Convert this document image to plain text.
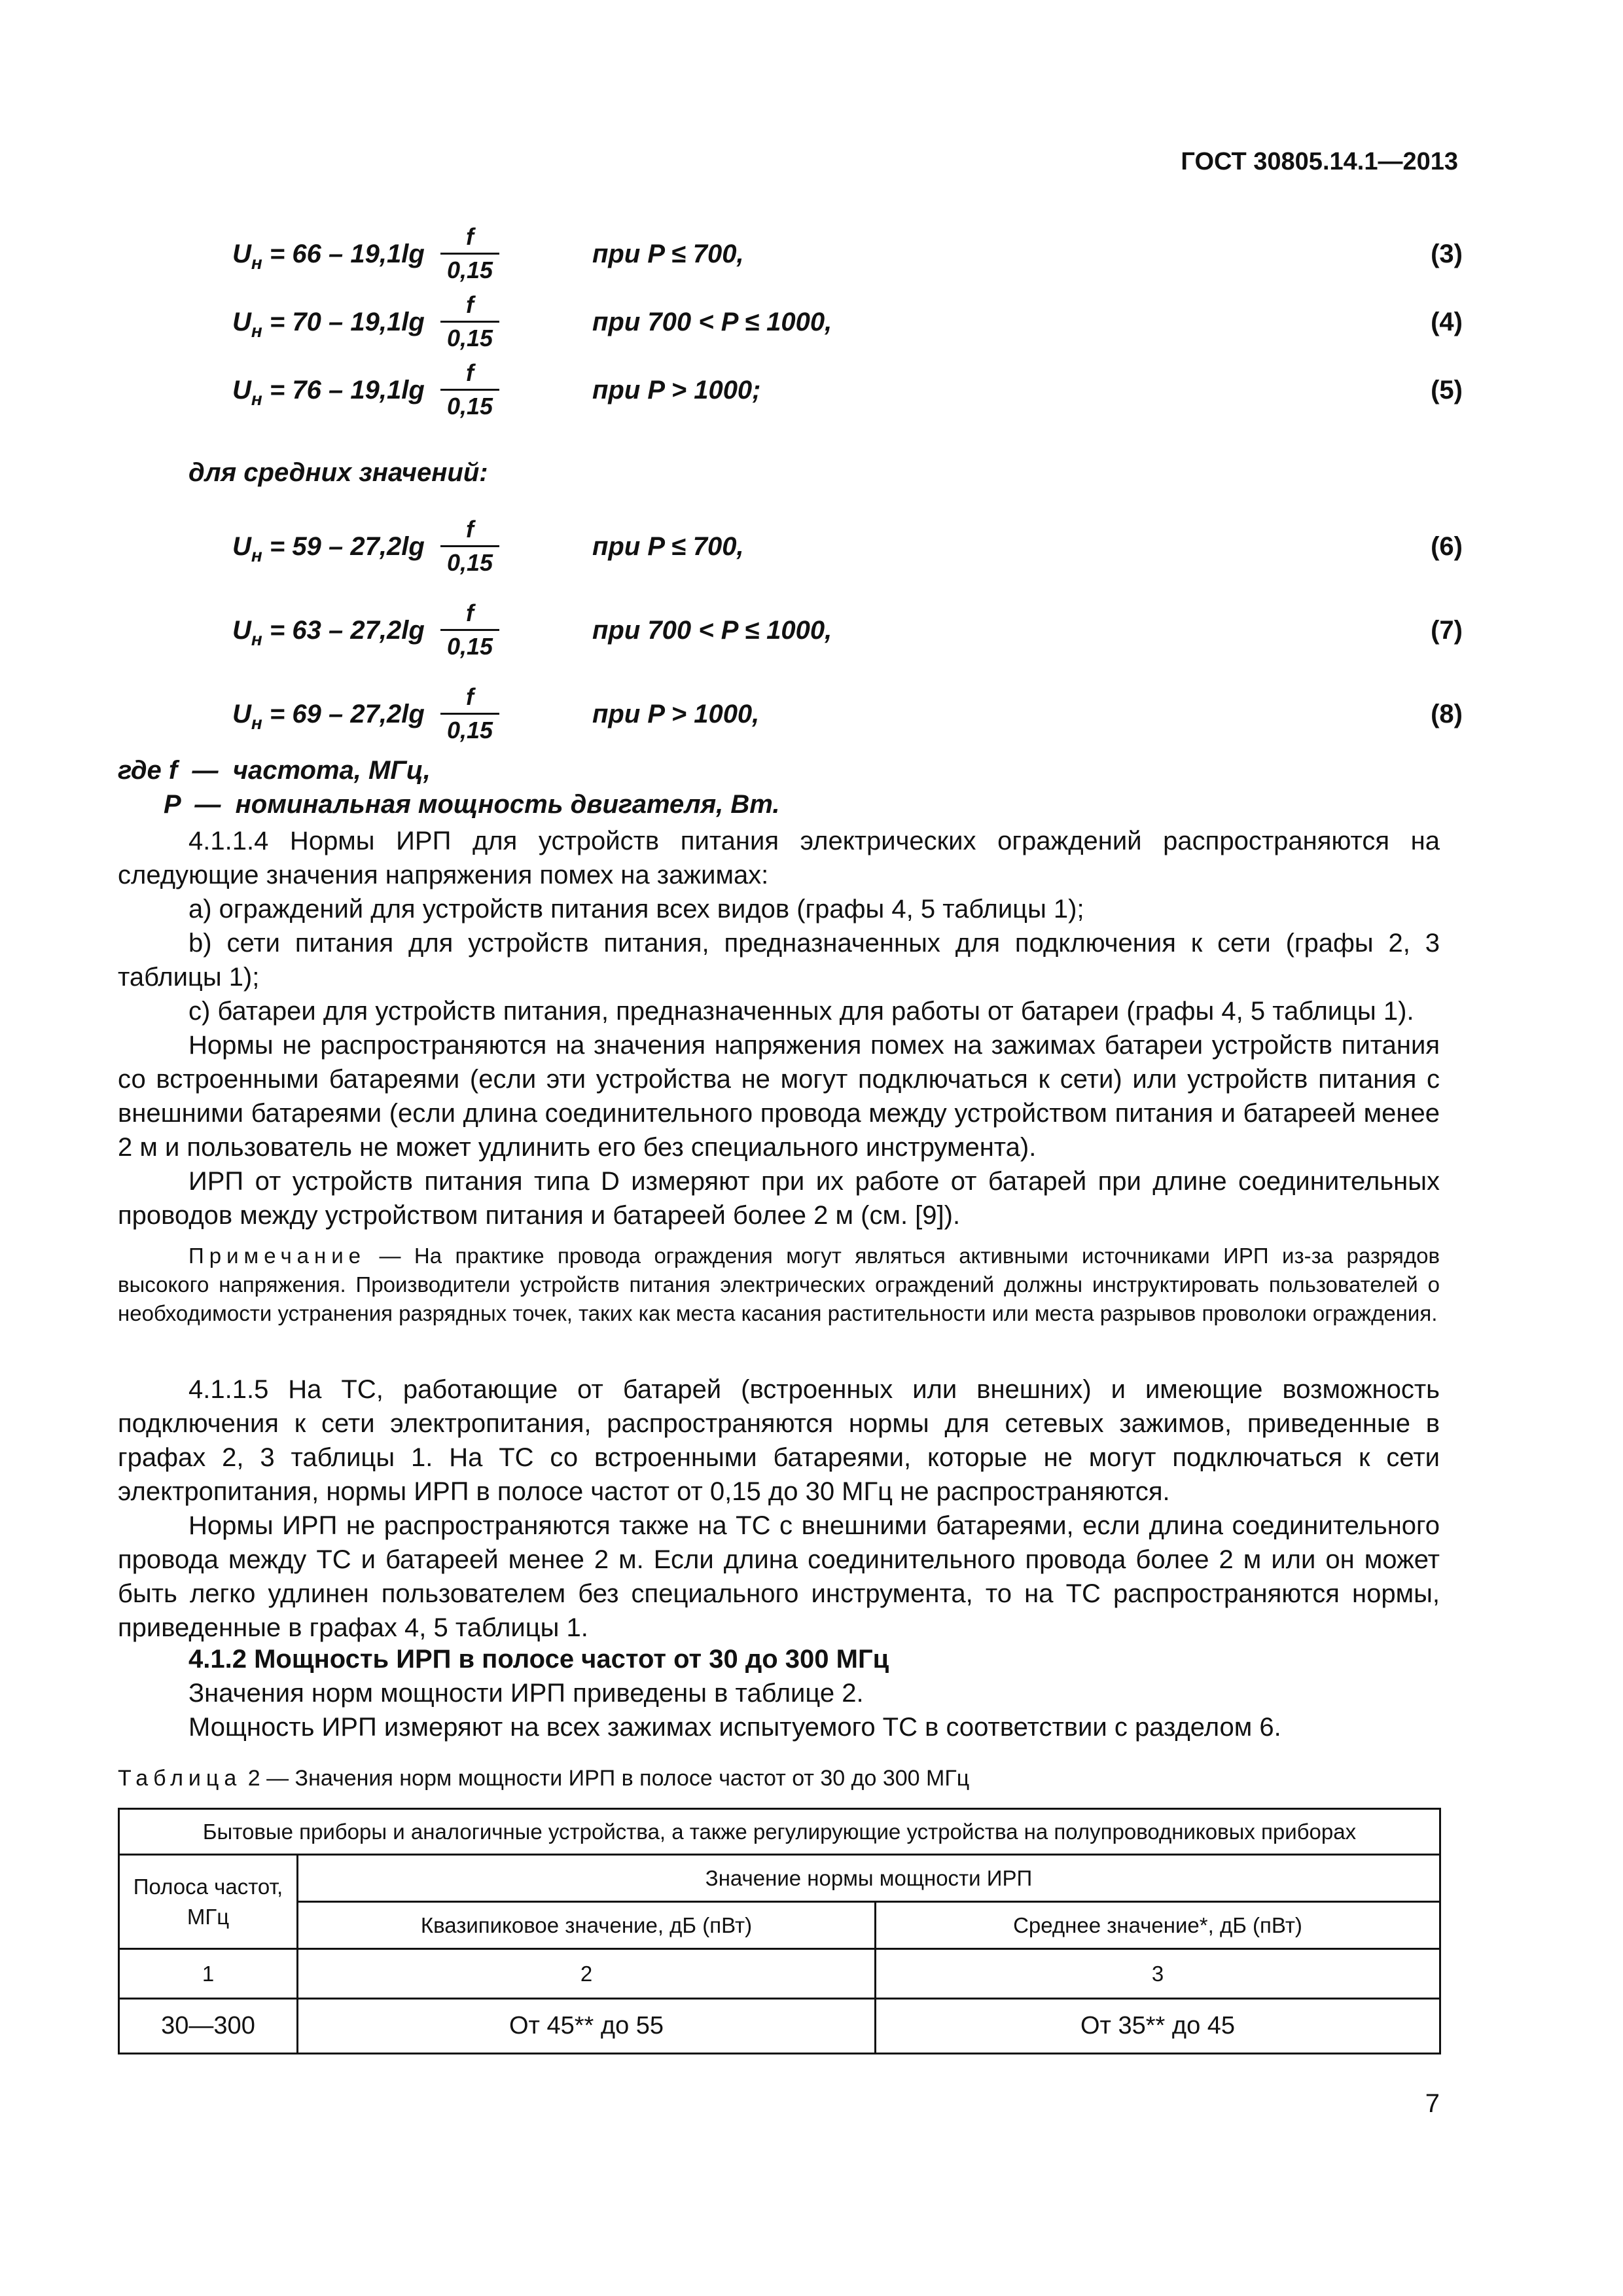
ГОСТ 30805.14.1—2013
$U_н = 66 - 19,1\lg \frac{f}{0,15}$	при P ≤ 700,	(3)
$U_н = 70 - 19,1\lg \frac{f}{0,15}$	при 700 < P ≤ 1000,	(4)
$U_н = 76 - 19,1\lg \frac{f}{0,15}$	при P > 1000;	(5)
для средних значений:
$U_н = 59 - 27,2\lg \frac{f}{0,15}$	при P ≤ 700,	(6)
$U_н = 63 - 27,2\lg \frac{f}{0,15}$	при 700 < P ≤ 1000,	(7)
$U_н = 69 - 27,2\lg \frac{f}{0,15}$	при P > 1000,	(8)
где f  —  частота, МГц,
P  —  номинальная мощность двигателя, Вт.
4.1.1.4 Нормы ИРП для устройств питания электрических ограждений распространяются на следующие значения напряжения помех на зажимах:
a) ограждений для устройств питания всех видов (графы 4, 5 таблицы 1);
b) сети питания для устройств питания, предназначенных для подключения к сети (графы 2, 3 таблицы 1);
c) батареи для устройств питания, предназначенных для работы от батареи (графы 4, 5 таблицы 1).
Нормы не распространяются на значения напряжения помех на зажимах батареи устройств питания со встроенными батареями (если эти устройства не могут подключаться к сети) или устройств питания с внешними батареями (если длина соединительного провода между устройством питания и батареей менее 2 м и пользователь не может удлинить его без специального инструмента).
ИРП от устройств питания типа D измеряют при их работе от батарей при длине соединительных проводов между устройством питания и батареей более 2 м (см. [9]).
Примечание — На практике провода ограждения могут являться активными источниками ИРП из-за разрядов высокого напряжения. Производители устройств питания электрических ограждений должны инструктировать пользователей о необходимости устранения разрядных точек, таких как места касания растительности или места разрывов проволоки ограждения.
4.1.1.5 На ТС, работающие от батарей (встроенных или внешних) и имеющие возможность подключения к сети электропитания, распространяются нормы для сетевых зажимов, приведенные в графах 2, 3 таблицы 1. На ТС со встроенными батареями, которые не могут подключаться к сети электропитания, нормы ИРП в полосе частот от 0,15 до 30 МГц не распространяются.
Нормы ИРП не распространяются также на ТС с внешними батареями, если длина соединительного провода между ТС и батареей менее 2 м. Если длина соединительного провода более 2 м или он может быть легко удлинен пользователем без специального инструмента, то на ТС распространяются нормы, приведенные в графах 4, 5 таблицы 1.
4.1.2 Мощность ИРП в полосе частот от 30 до 300 МГц
Значения норм мощности ИРП приведены в таблице 2.
Мощность ИРП измеряют на всех зажимах испытуемого ТС в соответствии с разделом 6.
Таблица 2 — Значения норм мощности ИРП в полосе частот от 30 до 300 МГц
Бытовые приборы и аналогичные устройства, а также регулирующие устройства на полупроводниковых приборах		
Полоса частот, МГц	Значение нормы мощности ИРП	
	Квазипиковое значение, дБ (пВт)	Среднее значение*, дБ (пВт)
1	2	3
30—300	От 45** до 55	От 35** до 45
7
